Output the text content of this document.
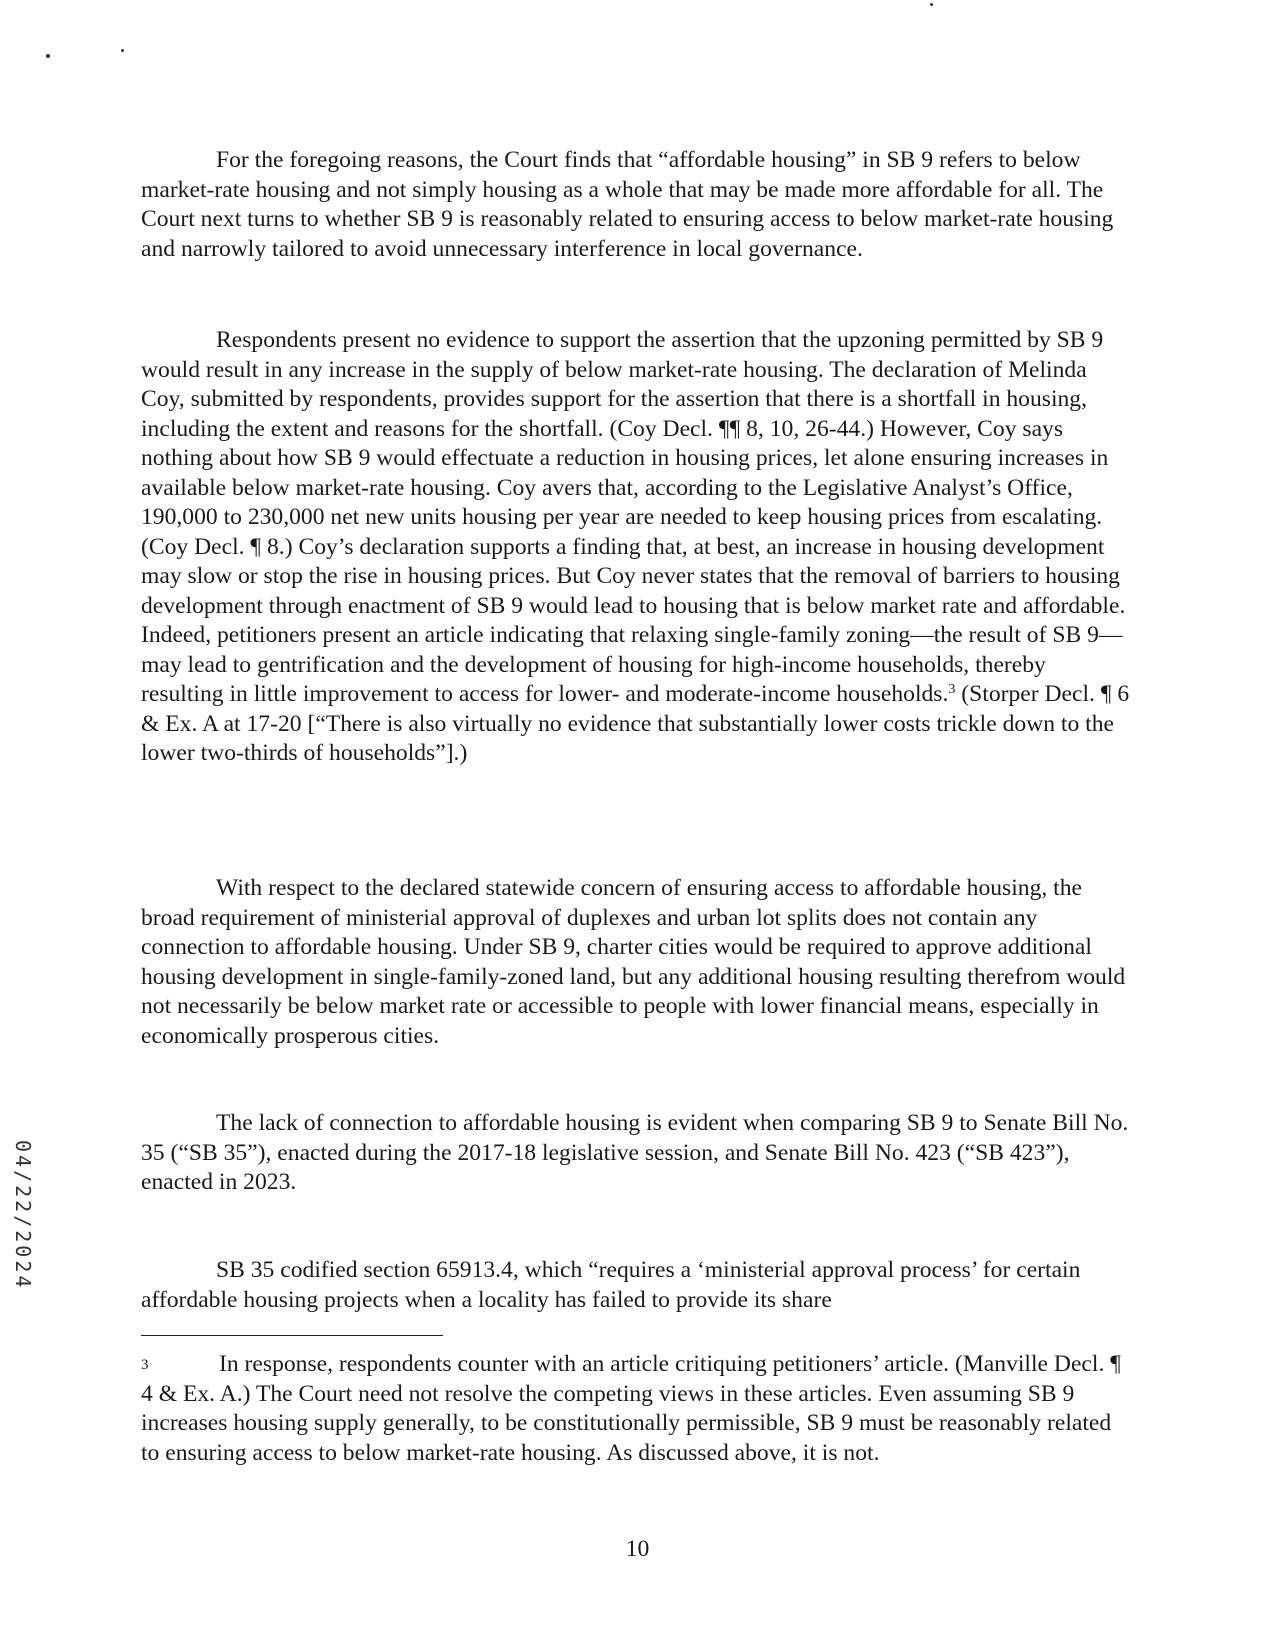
04/22/2024

For the foregoing reasons, the Court finds that “affordable housing” in SB 9 refers to below market-rate housing and not simply housing as a whole that may be made more affordable for all. The Court next turns to whether SB 9 is reasonably related to ensuring access to below market-rate housing and narrowly tailored to avoid unnecessary interference in local governance.

Respondents present no evidence to support the assertion that the upzoning permitted by SB 9 would result in any increase in the supply of below market-rate housing. The declaration of Melinda Coy, submitted by respondents, provides support for the assertion that there is a shortfall in housing, including the extent and reasons for the shortfall. (Coy Decl. ¶¶ 8, 10, 26-44.) However, Coy says nothing about how SB 9 would effectuate a reduction in housing prices, let alone ensuring increases in available below market-rate housing. Coy avers that, according to the Legislative Analyst’s Office, 190,000 to 230,000 net new units housing per year are needed to keep housing prices from escalating. (Coy Decl. ¶ 8.) Coy’s declaration supports a finding that, at best, an increase in housing development may slow or stop the rise in housing prices. But Coy never states that the removal of barriers to housing development through enactment of SB 9 would lead to housing that is below market rate and affordable. Indeed, petitioners present an article indicating that relaxing single-family zoning—the result of SB 9—may lead to gentrification and the development of housing for high-income households, thereby resulting in little improvement to access for lower- and moderate-income households.$^3$ (Storper Decl. ¶ 6 & Ex. A at 17-20 [“There is also virtually no evidence that substantially lower costs trickle down to the lower two-thirds of households”].)

With respect to the declared statewide concern of ensuring access to affordable housing, the broad requirement of ministerial approval of duplexes and urban lot splits does not contain any connection to affordable housing. Under SB 9, charter cities would be required to approve additional housing development in single-family-zoned land, but any additional housing resulting therefrom would not necessarily be below market rate or accessible to people with lower financial means, especially in economically prosperous cities.

The lack of connection to affordable housing is evident when comparing SB 9 to Senate Bill No. 35 (“SB 35”), enacted during the 2017-18 legislative session, and Senate Bill No. 423 (“SB 423”), enacted in 2023.

SB 35 codified section 65913.4, which “requires a ‘ministerial approval process’ for certain affordable housing projects when a locality has failed to provide its share

3	In response, respondents counter with an article critiquing petitioners’ article. (Manville Decl. ¶ 4 & Ex. A.) The Court need not resolve the competing views in these articles. Even assuming SB 9 increases housing supply generally, to be constitutionally permissible, SB 9 must be reasonably related to ensuring access to below market-rate housing. As discussed above, it is not.

10
